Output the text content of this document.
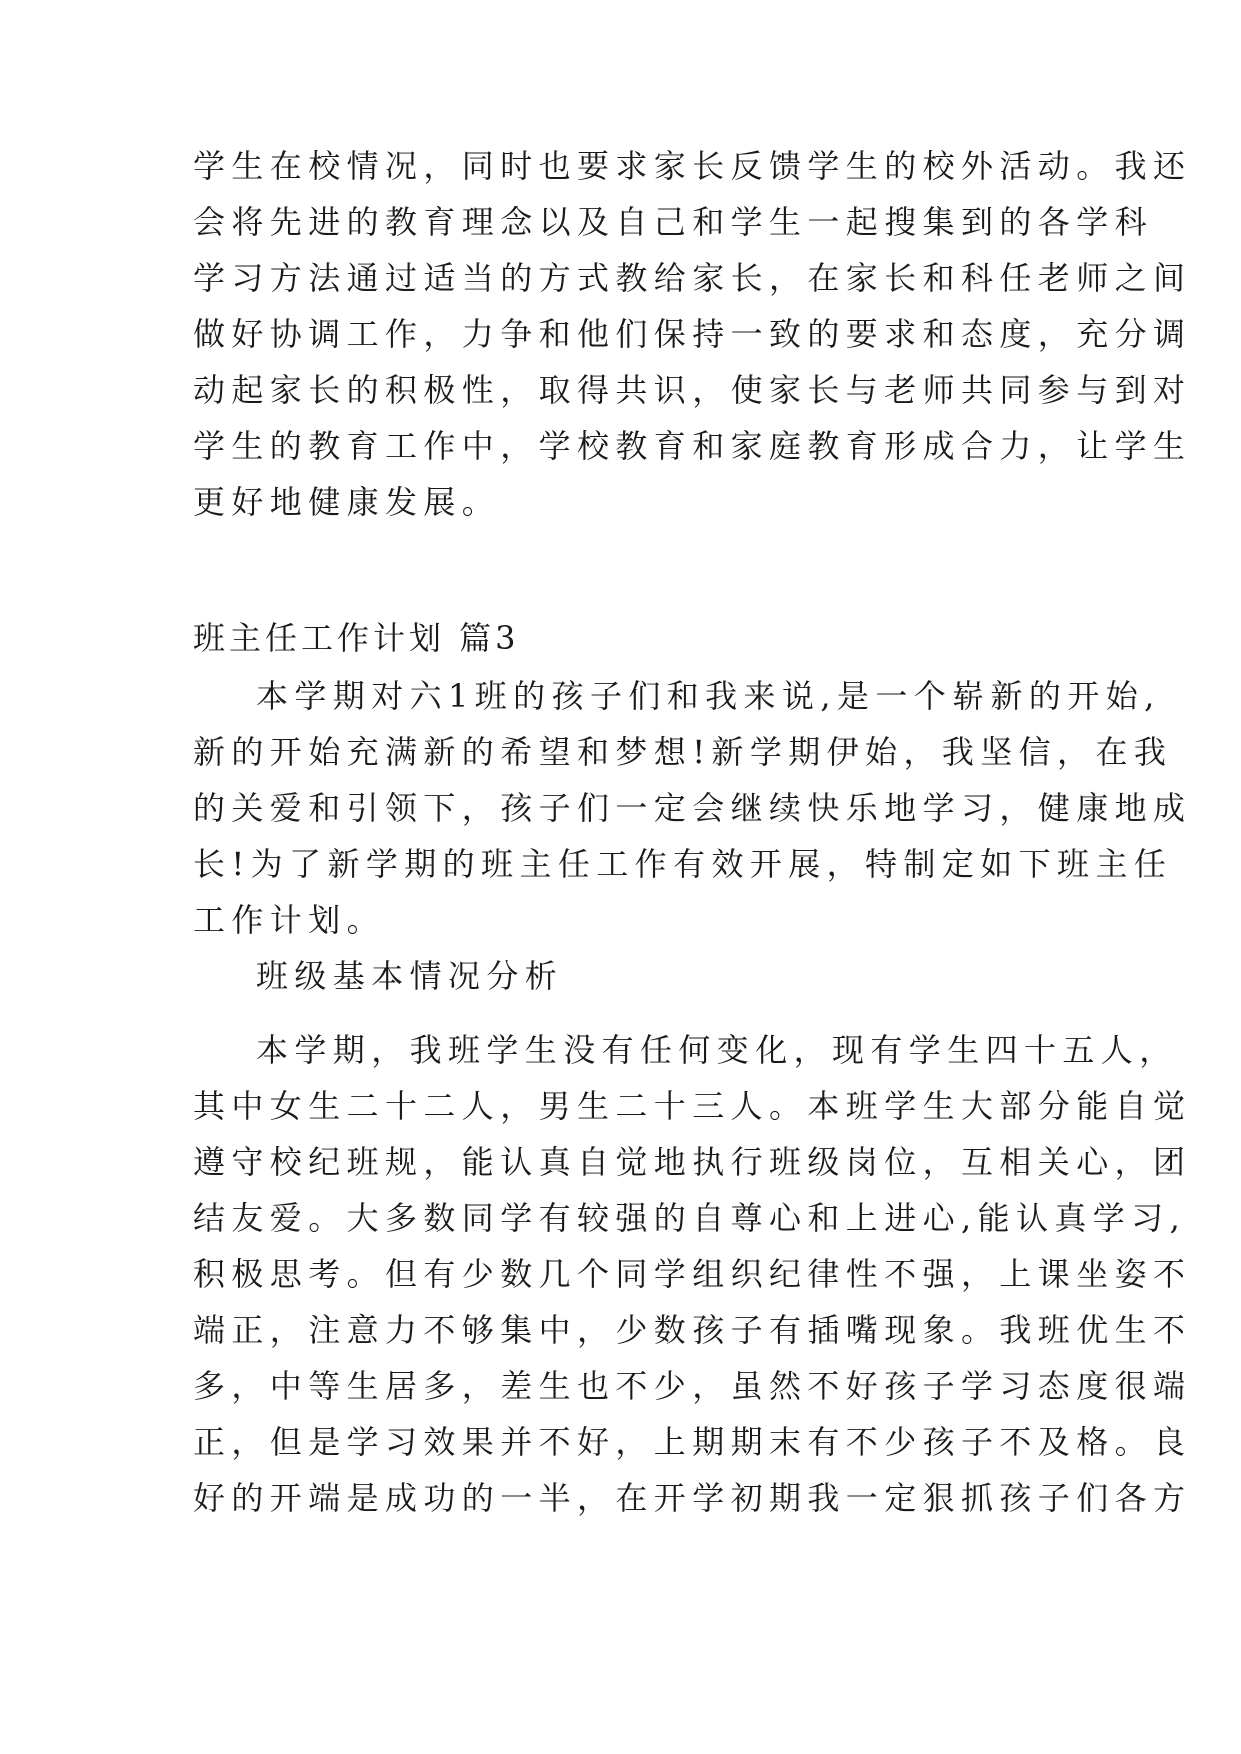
学生在校情况，同时也要求家长反馈学生的校外活动。我还
会将先进的教育理念以及自己和学生一起搜集到的各学科
学习方法通过适当的方式教给家长，在家长和科任老师之间
做好协调工作，力争和他们保持一致的要求和态度，充分调
动起家长的积极性，取得共识，使家长与老师共同参与到对
学生的教育工作中，学校教育和家庭教育形成合力，让学生
更好地健康发展。
班主任工作计划 篇3
本学期对六1班的孩子们和我来说,是一个崭新的开始,
新的开始充满新的希望和梦想!新学期伊始，我坚信，在我
的关爱和引领下，孩子们一定会继续快乐地学习，健康地成
长!为了新学期的班主任工作有效开展，特制定如下班主任
工作计划。
班级基本情况分析
本学期，我班学生没有任何变化，现有学生四十五人，
其中女生二十二人，男生二十三人。本班学生大部分能自觉
遵守校纪班规，能认真自觉地执行班级岗位，互相关心，团
结友爱。大多数同学有较强的自尊心和上进心,能认真学习,
积极思考。但有少数几个同学组织纪律性不强，上课坐姿不
端正，注意力不够集中，少数孩子有插嘴现象。我班优生不
多，中等生居多，差生也不少，虽然不好孩子学习态度很端
正，但是学习效果并不好，上期期末有不少孩子不及格。良
好的开端是成功的一半，在开学初期我一定狠抓孩子们各方
